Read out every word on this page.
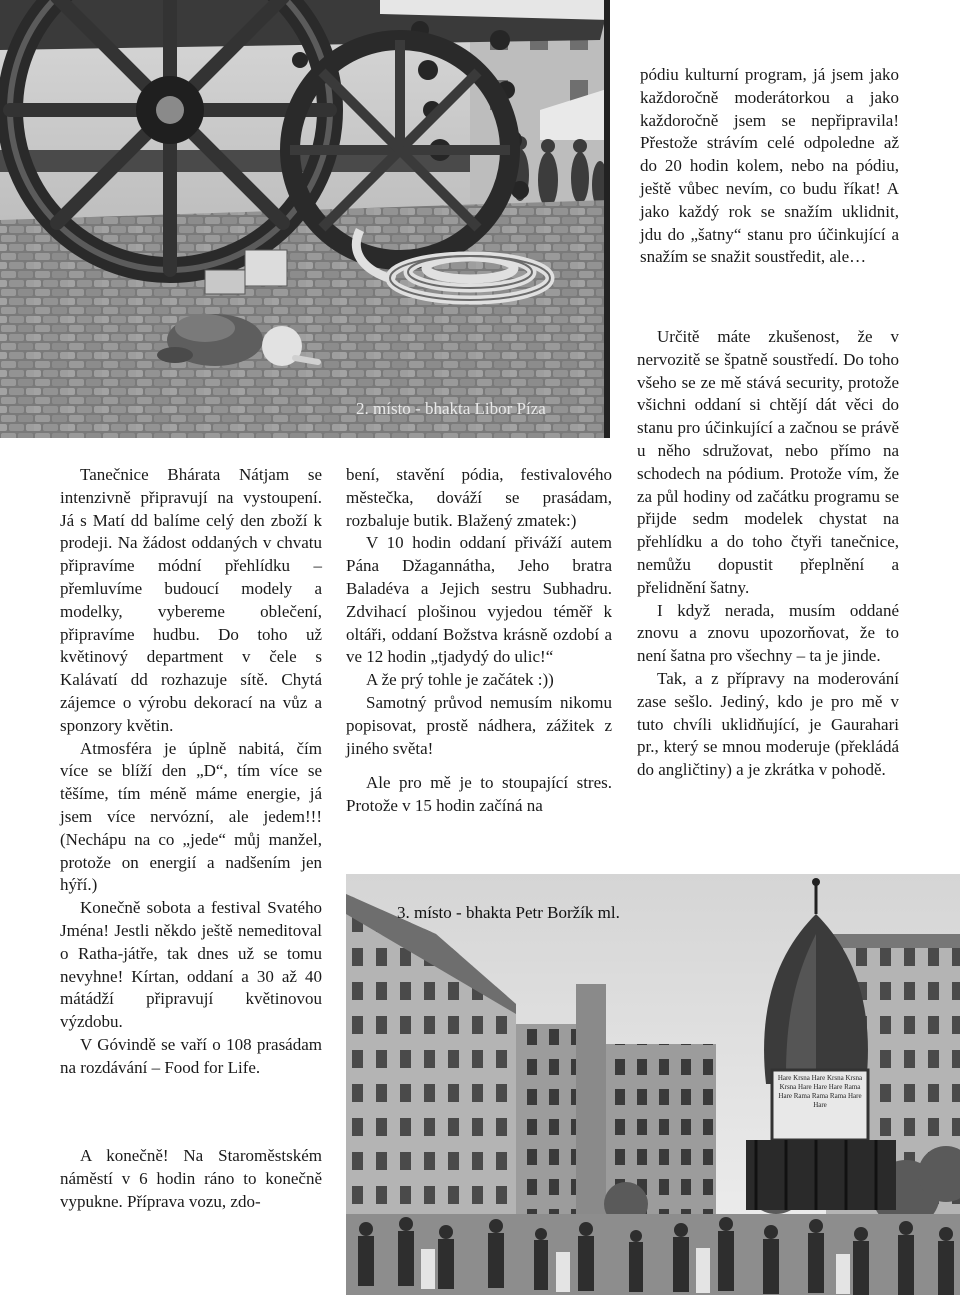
2. místo - bhakta Libor Píza
Hare Krsna Hare Krsna Krsna Krsna Hare Hare Hare Rama Hare Rama Rama Rama Hare Hare
3. místo - bhakta Petr Boržík ml.

pódiu kulturní program, já jsem jako každoročně moderátorkou a jako každoročně jsem se nepřipravila! Přestože strávím celé odpoledne až do 20 hodin kolem, nebo na pódiu, ještě vůbec nevím, co budu říkat! A jako každý rok se snažím uklidnit, jdu do „šatny“ stanu pro účinkující a snažím se snažit soustředit, ale…

Tanečnice Bhárata Nátjam se intenzivně připravují na vystoupení. Já s Matí dd balíme celý den zboží k prodeji. Na žádost oddaných v chvatu připravíme módní přehlídku – přemluvíme budoucí modely a modelky, vybereme oblečení, připravíme hudbu. Do toho už květinový department v čele s Kalávatí dd rozhazuje sítě. Chytá zájemce o výrobu dekorací na vůz a sponzory květin.

Atmosféra je úplně nabitá, čím více se blíží den „D“, tím více se těšíme, tím méně máme energie, já jsem více nervózní, ale jedem!!! (Nechápu na co „jede“ můj manžel, protože on energií a nadšením jen hýří.)

Konečně sobota a festival Svatého Jména! Jestli někdo ještě nemeditoval o Ratha-játře, tak dnes už se tomu nevyhne! Kírtan, oddaní a 30 až 40 mátádží připravují květinovou výzdobu.

V Góvindě se vaří o 108 prasádam na rozdávání – Food for Life.

A konečně! Na Staroměstském náměstí v 6 hodin ráno to konečně vypukne. Příprava vozu, zdo-

bení, stavění pódia, festivalového městečka, dováží se prasádam, rozbaluje butik. Blažený zmatek:)

V 10 hodin oddaní přiváží autem Pána Džagannátha, Jeho bratra Baladéva a Jejich sestru Subhadru. Zdvihací plošinou vyjedou téměř k oltáři, oddaní Božstva krásně ozdobí a ve 12 hodin „tjadydý do ulic!“

A že prý tohle je začátek :))

Samotný průvod nemusím nikomu popisovat, prostě nádhera, zážitek z jiného světa!

Ale pro mě je to stoupající stres. Protože v 15 hodin začíná na

Určitě máte zkušenost, že v nervozitě se špatně soustředí. Do toho všeho se ze mě stává security, protože všichni oddaní si chtějí dát věci do stanu pro účinkující a začnou se právě u něho sdružovat, nebo přímo na schodech na pódium. Protože vím, že za půl hodiny od začátku programu se přijde sedm modelek chystat na přehlídku a do toho čtyři tanečnice, nemůžu dopustit přeplnění a přelidnění šatny.

I když nerada, musím oddané znovu a znovu upozorňovat, že to není šatna pro všechny – ta je jinde.

Tak, a z přípravy na moderování zase sešlo. Jediný, kdo je pro mě v tuto chvíli uklidňující, je Gaurahari pr., který se mnou moderuje (překládá do angličtiny) a je zkrátka v pohodě.
